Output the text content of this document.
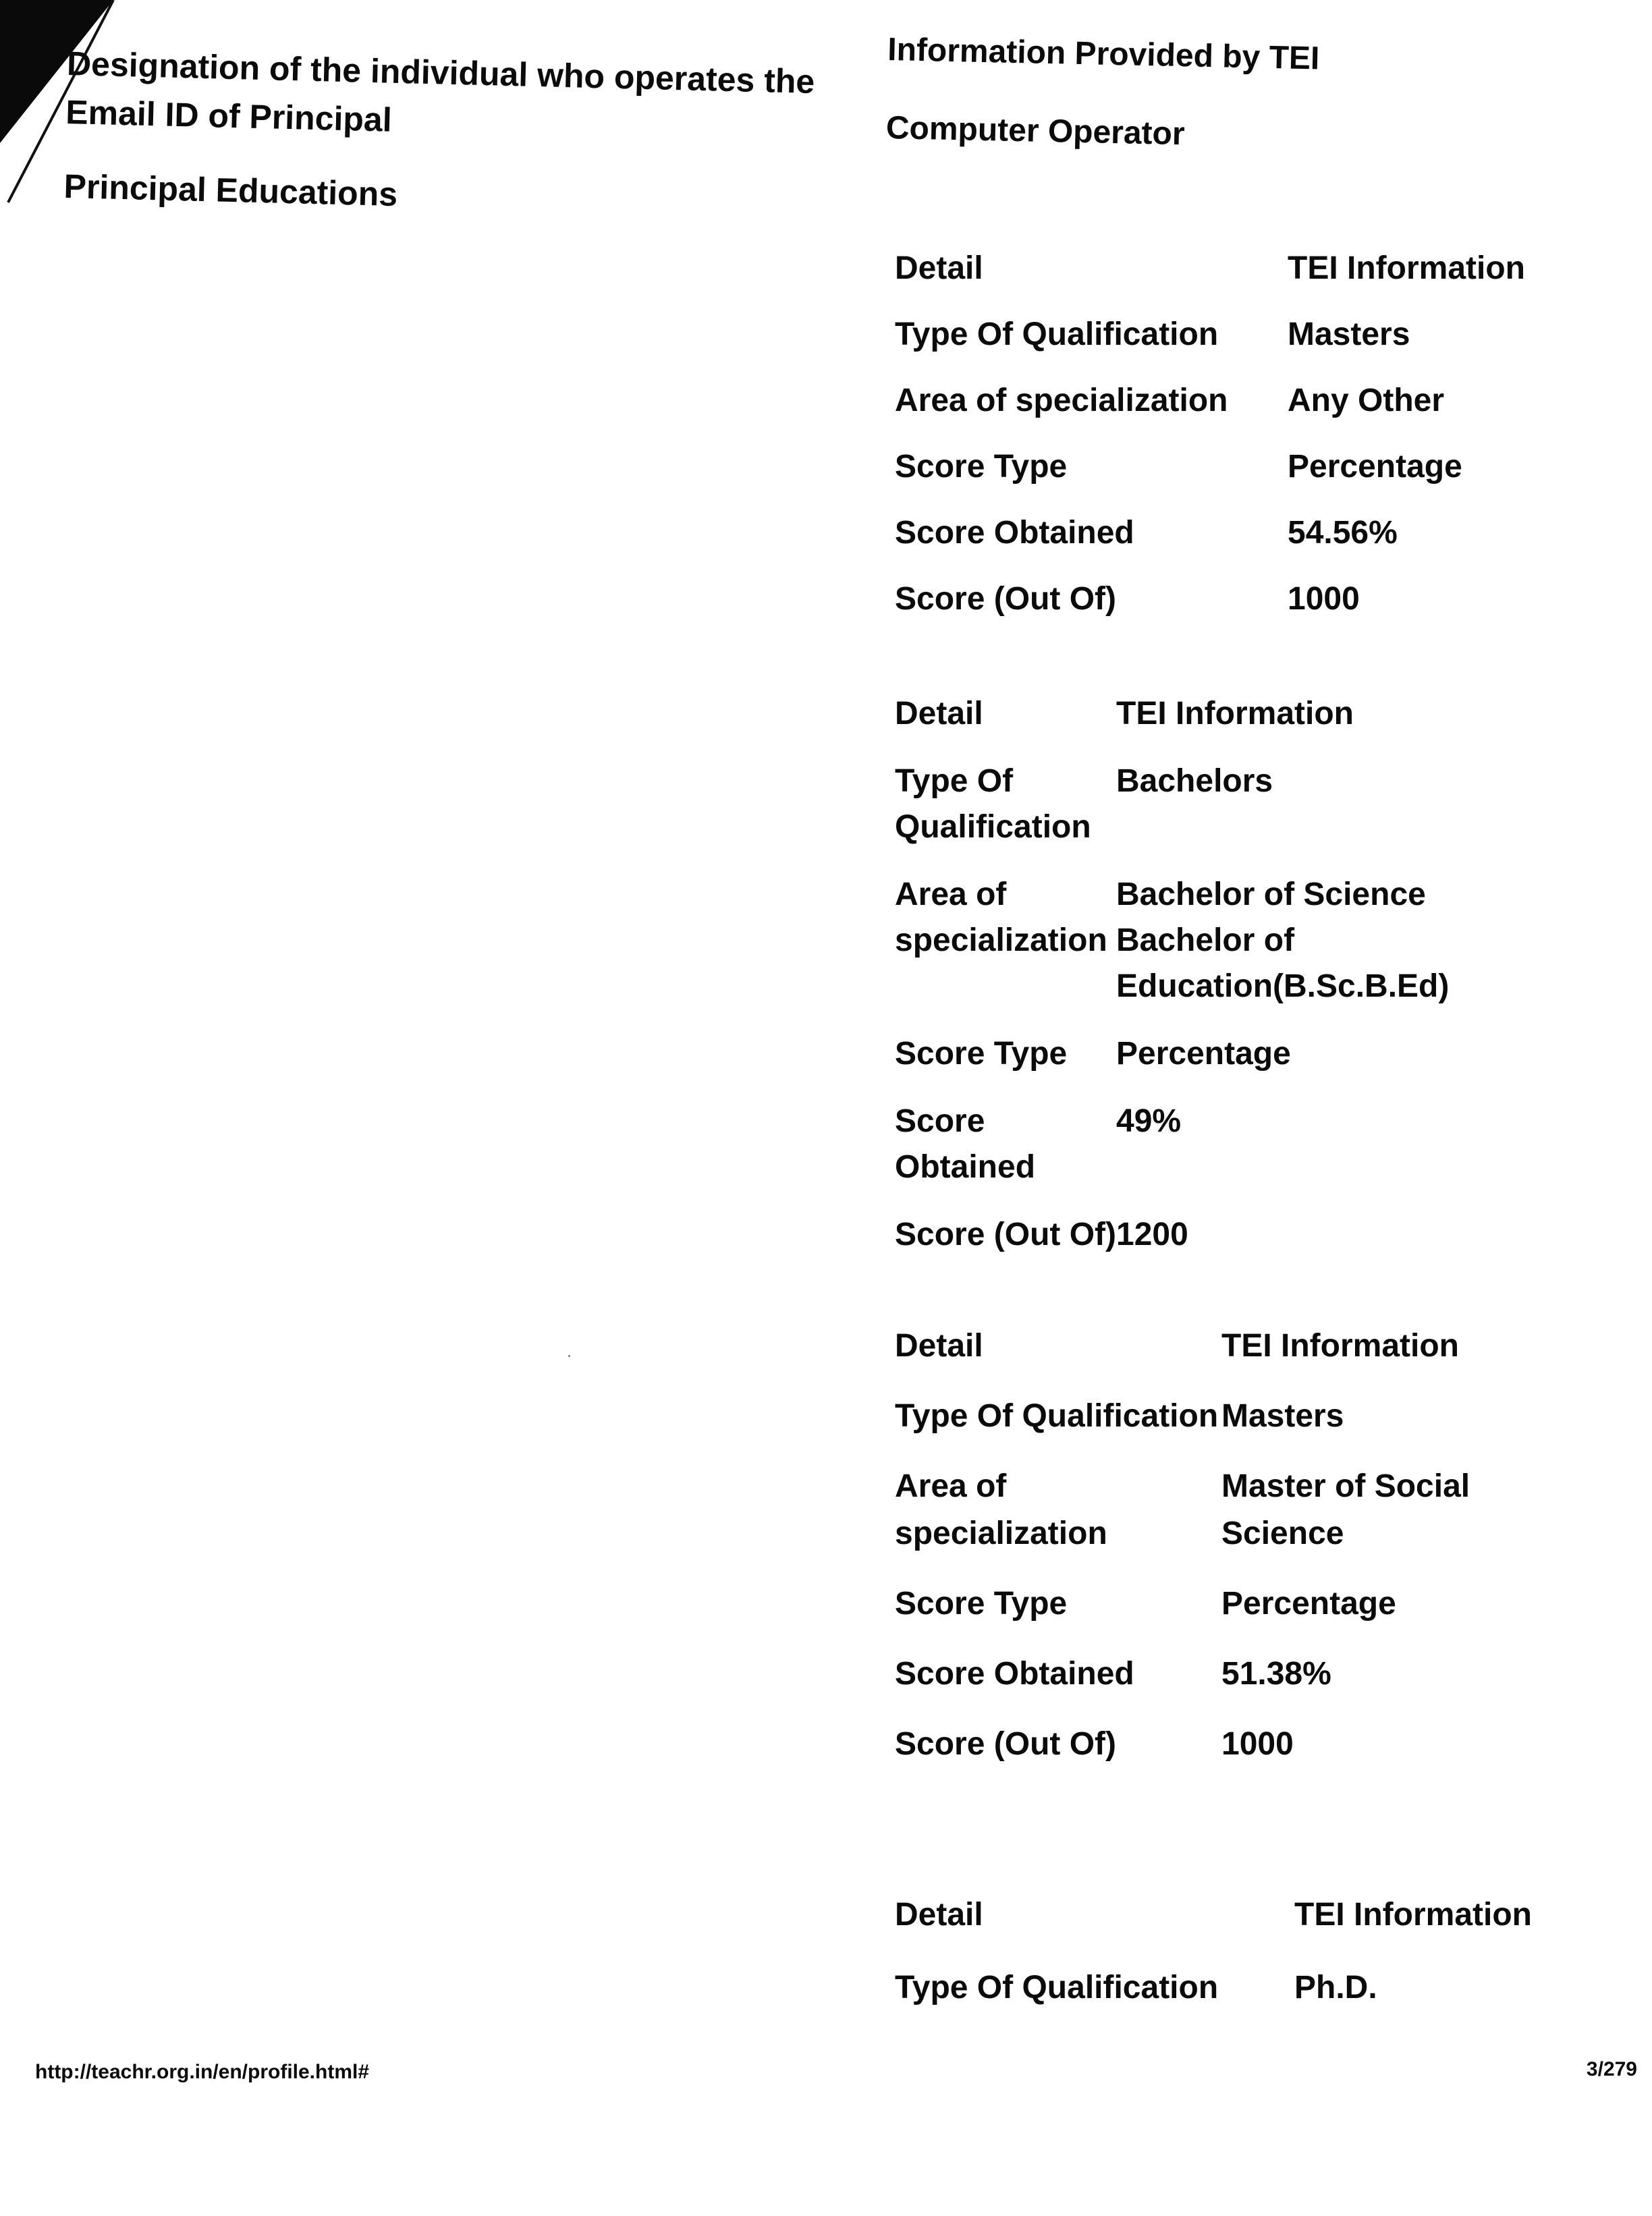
Designation of the individual who operates the
Email ID of Principal
Principal Educations
Information Provided by TEI
Computer Operator
Detail	TEI Information
Type Of Qualification	Masters
Area of specialization	Any Other
Score Type	Percentage
Score Obtained	54.56%
Score (Out Of)	1000
Detail	TEI Information
Type Of Qualification	Bachelors
Area of specialization	Bachelor of Science Bachelor of Education(B.Sc.B.Ed)
Score Type	Percentage
Score Obtained	49%
Score (Out Of)	1200
Detail	TEI Information
Type Of Qualification	Masters
Area of specialization	Master of Social Science
Score Type	Percentage
Score Obtained	51.38%
Score (Out Of)	1000
Detail	TEI Information
Type Of Qualification	Ph.D.
http://teachr.org.in/en/profile.html#	3/279
